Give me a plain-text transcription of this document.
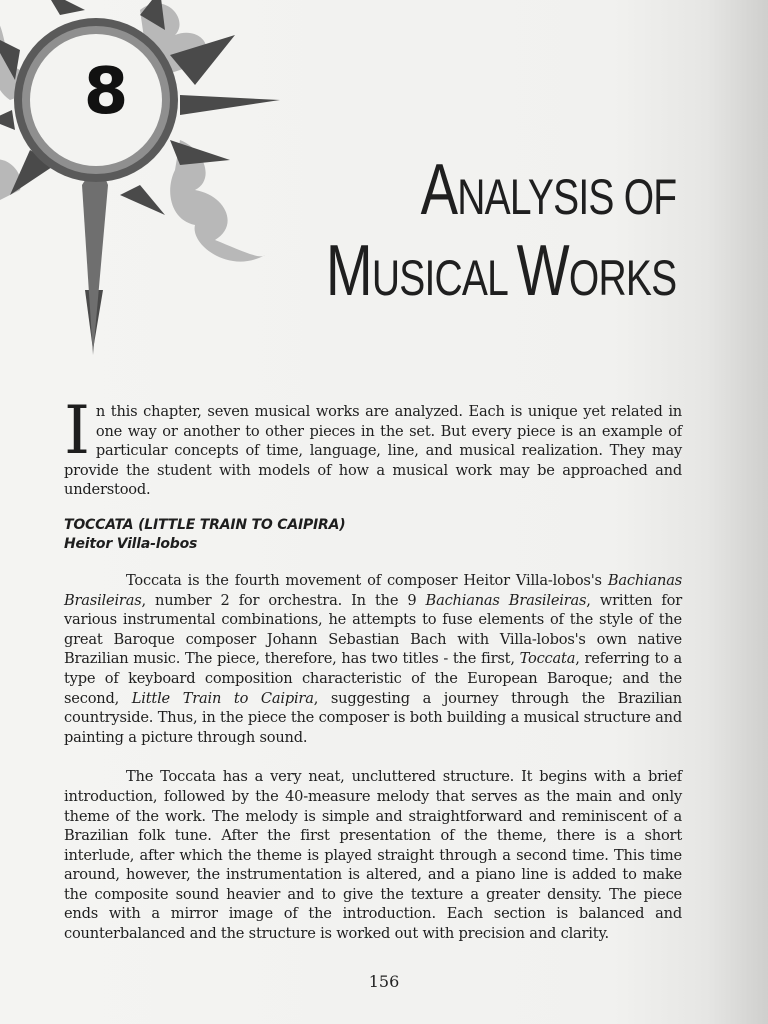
8
ANALYSIS OF
MUSICAL WORKS

In this chapter, seven musical works are analyzed. Each is unique yet related in one way or another to other pieces in the set. But every piece is an example of particular concepts of time, language, line, and musical realization. They may provide the student with models of how a musical work may be approached and understood.

TOCCATA (LITTLE TRAIN TO CAIPIRA)
Heitor Villa-lobos

Toccata is the fourth movement of composer Heitor Villa-lobos's Bachianas Brasileiras, number 2 for orchestra. In the 9 Bachianas Brasileiras, written for various instrumental combinations, he attempts to fuse elements of the style of the great Baroque composer Johann Sebastian Bach with Villa-lobos's own native Brazilian music. The piece, therefore, has two titles - the first, Toccata, referring to a type of keyboard composition characteristic of the European Baroque; and the second, Little Train to Caipira, suggesting a journey through the Brazilian countryside. Thus, in the piece the composer is both building a musical structure and painting a picture through sound.

The Toccata has a very neat, uncluttered structure. It begins with a brief introduction, followed by the 40-measure melody that serves as the main and only theme of the work. The melody is simple and straightforward and reminiscent of a Brazilian folk tune. After the first presentation of the theme, there is a short interlude, after which the theme is played straight through a second time. This time around, however, the instrumentation is altered, and a piano line is added to make the composite sound heavier and to give the texture a greater density. The piece ends with a mirror image of the introduction. Each section is balanced and counterbalanced and the structure is worked out with precision and clarity.

156
